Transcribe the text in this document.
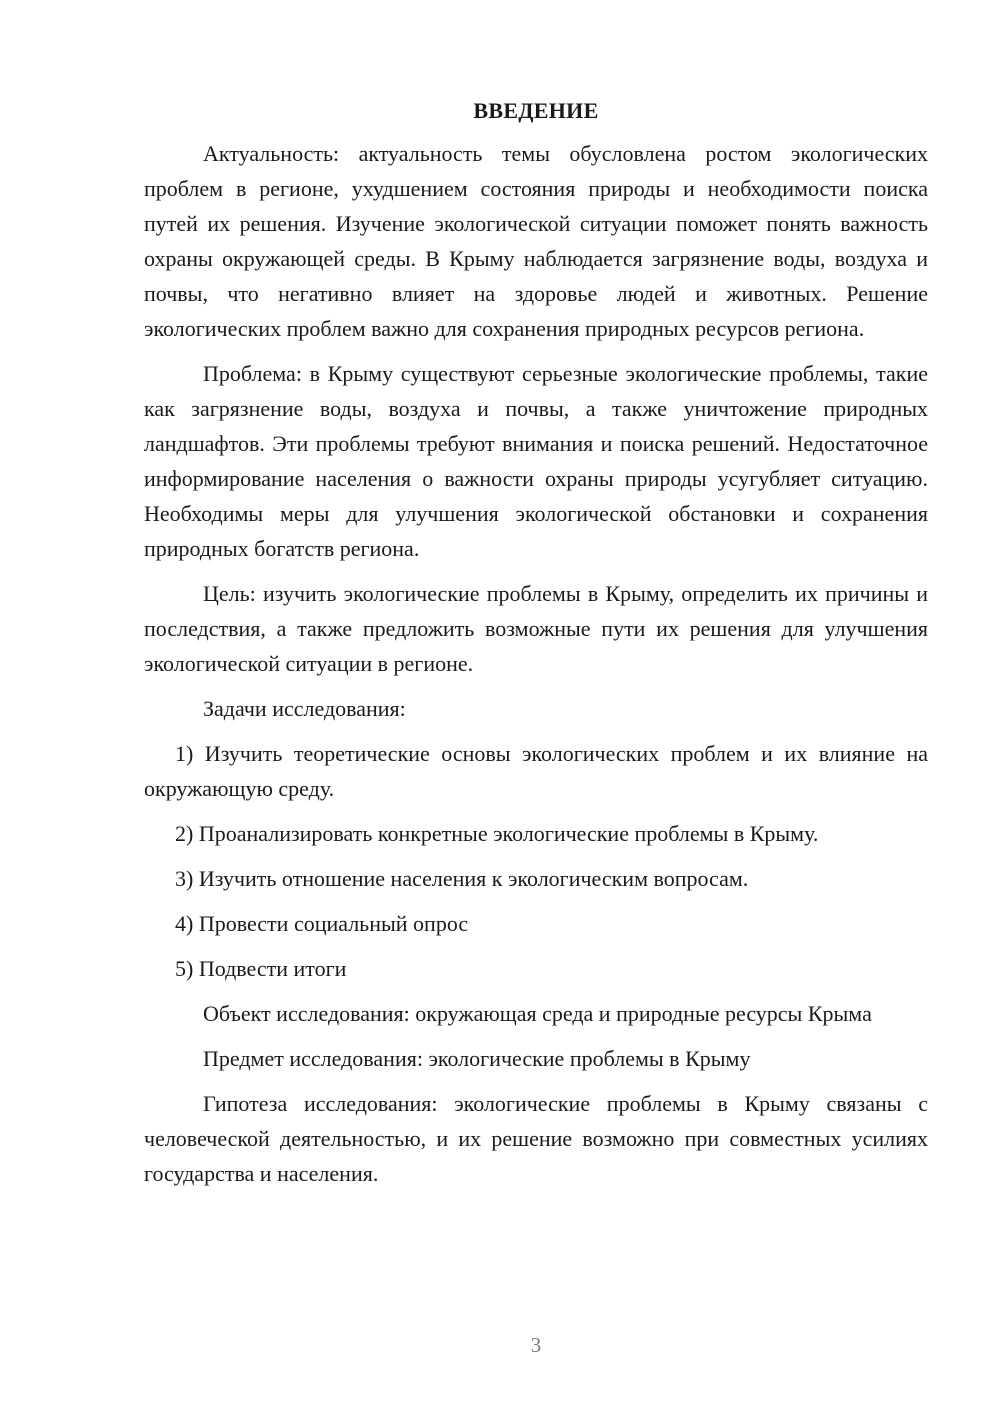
ВВЕДЕНИЕ

Актуальность: актуальность темы обусловлена ростом экологических проблем в регионе, ухудшением состояния природы и необходимости поиска путей их решения. Изучение экологической ситуации поможет понять важность охраны окружающей среды. В Крыму наблюдается загрязнение воды, воздуха и почвы, что негативно влияет на здоровье людей и животных. Решение экологических проблем важно для сохранения природных ресурсов региона.

Проблема: в Крыму существуют серьезные экологические проблемы, такие как загрязнение воды, воздуха и почвы, а также уничтожение природных ландшафтов. Эти проблемы требуют внимания и поиска решений. Недостаточное информирование населения о важности охраны природы усугубляет ситуацию. Необходимы меры для улучшения экологической обстановки и сохранения природных богатств региона.

Цель: изучить экологические проблемы в Крыму, определить их причины и последствия, а также предложить возможные пути их решения для улучшения экологической ситуации в регионе.

Задачи исследования:

1) Изучить теоретические основы экологических проблем и их влияние на окружающую среду.

2) Проанализировать конкретные экологические проблемы в Крыму.

3) Изучить отношение населения к экологическим вопросам.

4) Провести социальный опрос

5) Подвести итоги

Объект исследования: окружающая среда и природные ресурсы Крыма

Предмет исследования: экологические проблемы в Крыму

Гипотеза исследования: экологические проблемы в Крыму связаны с человеческой деятельностью, и их решение возможно при совместных усилиях государства и населения.

3
